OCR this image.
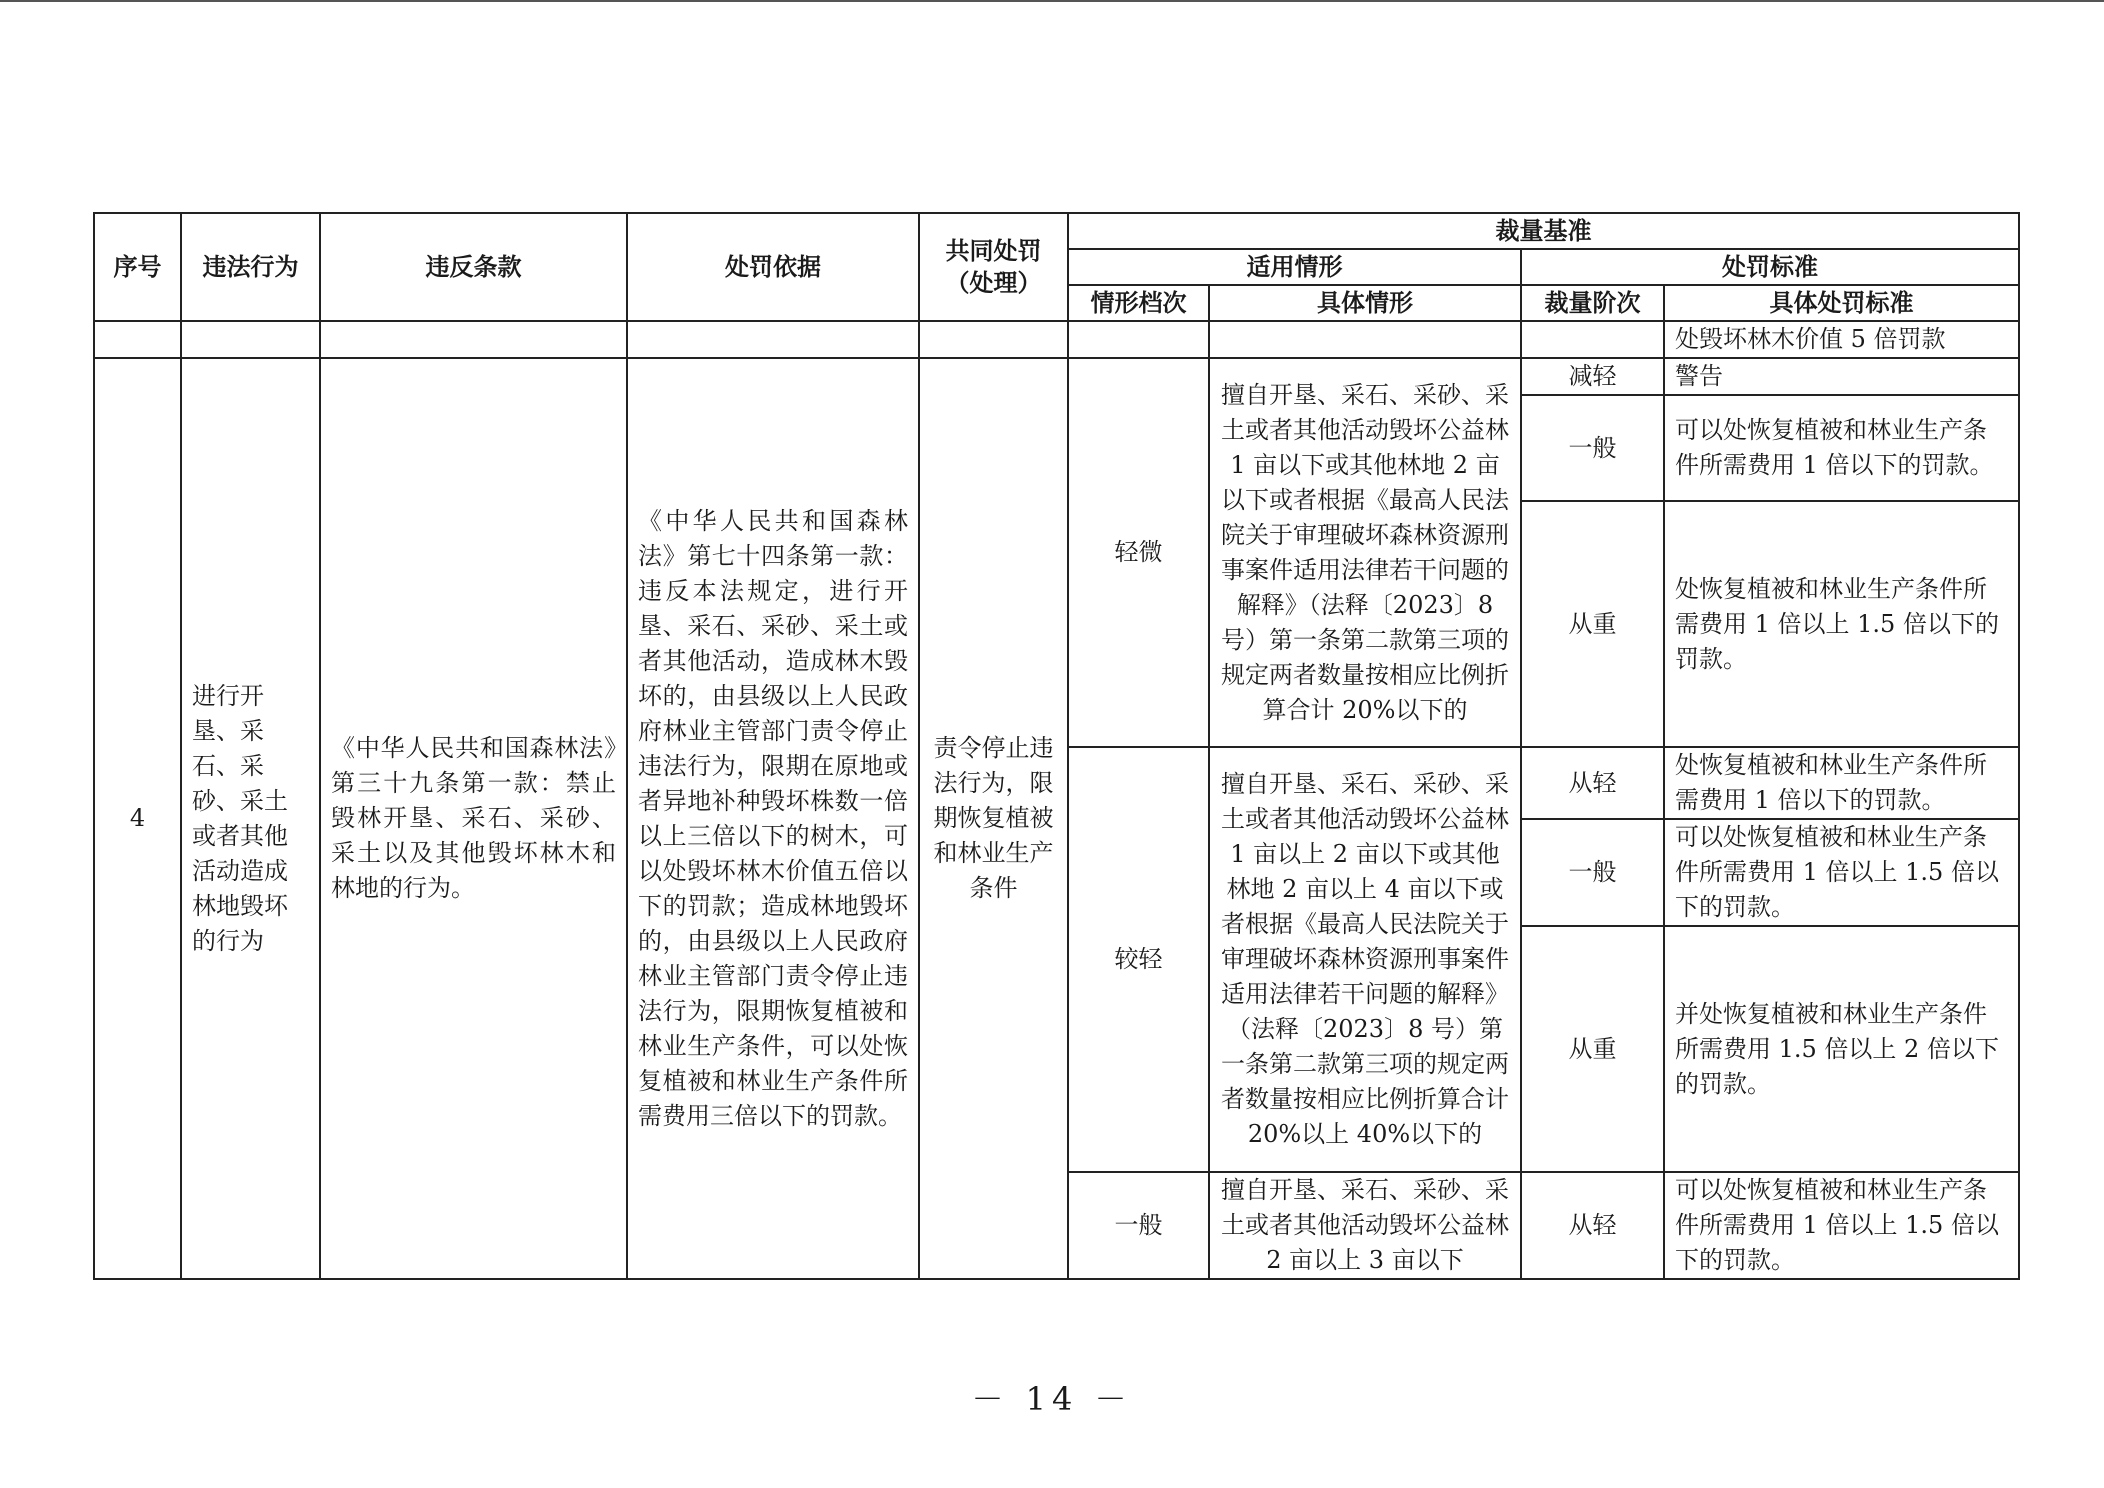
序号	违法行为	违反条款	处罚依据	共同处罚（处理）	裁量基准			
					适用情形		处罚标准	
					情形档次	具体情形	裁量阶次	具体处罚标准
								处毁坏林木价值 5 倍罚款
4	进行开垦、采石、采砂、采土或者其他活动造成林地毁坏的行为	《中华人民共和国森林法》第三十九条第一款：禁止毁林开垦、采石、采砂、采土以及其他毁坏林木和林地的行为。	《中华人民共和国森林法》第七十四条第一款：违反本法规定，进行开垦、采石、采砂、采土或者其他活动，造成林木毁坏的，由县级以上人民政府林业主管部门责令停止违法行为，限期在原地或者异地补种毁坏株数一倍以上三倍以下的树木，可以处毁坏林木价值五倍以下的罚款；造成林地毁坏的，由县级以上人民政府林业主管部门责令停止违法行为，限期恢复植被和林业生产条件，可以处恢复植被和林业生产条件所需费用三倍以下的罚款。	责令停止违法行为，限期恢复植被和林业生产条件	轻微	擅自开垦、采石、采砂、采土或者其他活动毁坏公益林 1 亩以下或其他林地 2 亩以下或者根据《最高人民法院关于审理破坏森林资源刑事案件适用法律若干问题的解释》（法释〔2023〕8 号）第一条第二款第三项的规定两者数量按相应比例折算合计 20%以下的	减轻	警告
							一般	可以处恢复植被和林业生产条件所需费用 1 倍以下的罚款。
							从重	处恢复植被和林业生产条件所需费用 1 倍以上 1.5 倍以下的罚款。
					较轻	擅自开垦、采石、采砂、采土或者其他活动毁坏公益林 1 亩以上 2 亩以下或其他林地 2 亩以上 4 亩以下或者根据《最高人民法院关于审理破坏森林资源刑事案件适用法律若干问题的解释》（法释〔2023〕8 号）第一条第二款第三项的规定两者数量按相应比例折算合计 20%以上 40%以下的	从轻	处恢复植被和林业生产条件所需费用 1 倍以下的罚款。
							一般	可以处恢复植被和林业生产条件所需费用 1 倍以上 1.5 倍以下的罚款。
							从重	并处恢复植被和林业生产条件所需费用 1.5 倍以上 2 倍以下的罚款。
					一般	擅自开垦、采石、采砂、采土或者其他活动毁坏公益林 2 亩以上 3 亩以下	从轻	可以处恢复植被和林业生产条件所需费用 1 倍以上 1.5 倍以下的罚款。
－ 14 －
